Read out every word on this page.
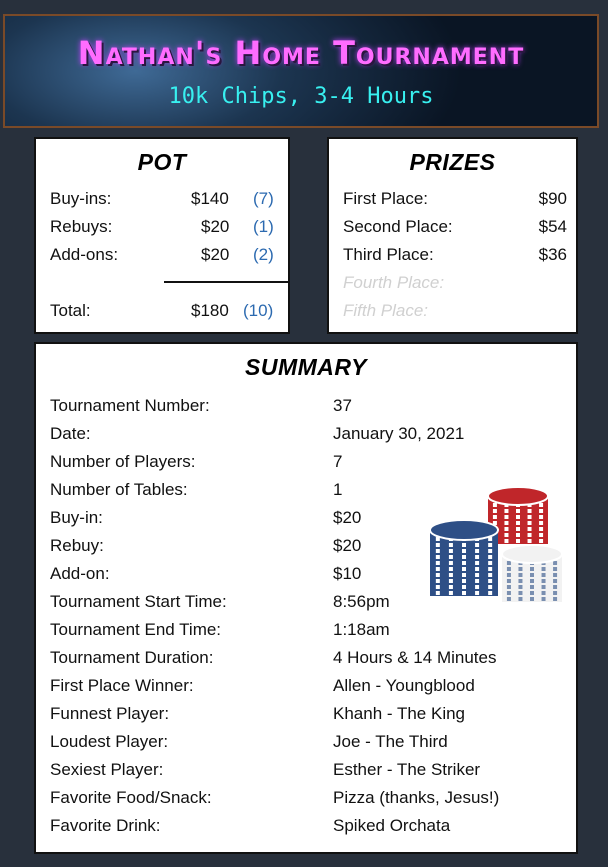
Nathan's Home Tournament
10k Chips, 3-4 Hours
POT
Buy-ins:	$140 (7)
Rebuys:	$20 (1)
Add-ons:	$20 (2)
Total:	$180 (10)
PRIZES
First Place:	$90
Second Place:	$54
Third Place:	$36
Fourth Place:
Fifth Place:
SUMMARY
Tournament Number:	37
Date:	January 30, 2021
Number of Players:	7
Number of Tables:	1
Buy-in:	$20
Rebuy:	$20
Add-on:	$10
Tournament Start Time:	8:56pm
Tournament End Time:	1:18am
Tournament Duration:	4 Hours & 14 Minutes
First Place Winner:	Allen - Youngblood
Funnest Player:	Khanh - The King
Loudest Player:	Joe - The Third
Sexiest Player:	Esther - The Striker
Favorite Food/Snack:	Pizza (thanks, Jesus!)
Favorite Drink:	Spiked Orchata
